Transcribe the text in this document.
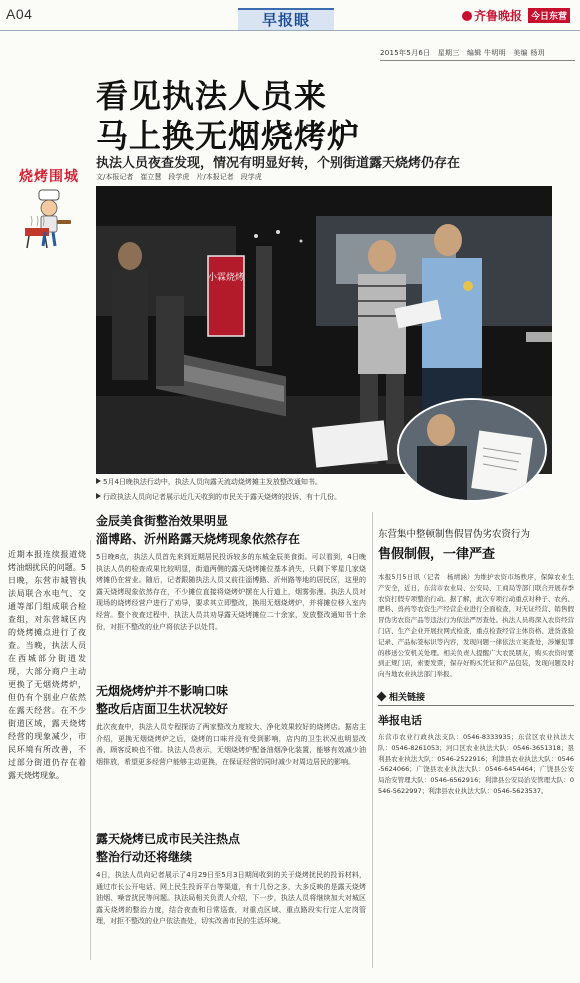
A04	早报眼	齐鲁晚报 今日东营
2015年5月6日　星期三　编辑 牛明明　美编 杨玥
看见执法人员来
马上换无烟烧烤炉
执法人员夜查发现，情况有明显好转，个别街道露天烧烤仍存在
文/本报记者　崔立慧　段学虎　片/本报记者　段学虎
烧烤围城
小霖烧烤
5月4日晚执法行动中，执法人员向露天流动烧烤摊主发放整改通知书。
行政执法人员向记者展示近几天收到的市民关于露天烧烤的投诉，有十几份。
近期本报连续报道烧烤油烟扰民的问题。5日晚，东营市城管执法局联合水电气、交通等部门组成联合检查组，对东营城区内的烧烤摊点进行了夜查。当晚，执法人员在西城部分街道发现，大部分商户主动更换了无烟烧烤炉，但仍有个别业户依然在露天经营。在不少街道区域，露天烧烤经营的现象减少，市民环境有所改善，不过部分街道仍存在着露天烧烤现象。
金辰美食街整治效果明显
淄博路、沂州路露天烧烤现象依然存在

5日晚8点，执法人员首先来到近期居民投诉较多的东城金辰美食街。可以看到，4日晚执法人员的检查成果比较明显，街道两侧的露天烧烤摊位基本消失，只剩下零星几家烧烤摊仍在营业。随后，记者跟随执法人员又前往淄博路、沂州路等地的居民区，这里的露天烧烤现象依然存在，不少摊位直接将烧烤炉摆在人行道上，烟雾弥漫。执法人员对现场的烧烤经营户进行了劝导，要求其立即整改，换用无烟烧烤炉，并将摊位移入室内经营。整个夜查过程中，执法人员共劝导露天烧烤摊位二十余家，发放整改通知书十余份，对拒不整改的业户将依法予以处罚。

无烟烧烤炉并不影响口味
整改后店面卫生状况较好

此次夜查中，执法人员专程探访了两家整改力度较大、净化效果较好的烧烤店。据店主介绍，更换无烟烧烤炉之后，烧烤的口味并没有受到影响，店内的卫生状况也明显改善，顾客反映也不错。执法人员表示，无烟烧烤炉配备油烟净化装置，能够有效减少油烟排放，希望更多经营户能够主动更换，在保证经营的同时减少对周边居民的影响。

露天烧烤已成市民关注热点
整治行动还将继续

4日，执法人员向记者展示了4月29日至5月3日期间收到的关于烧烤扰民的投诉材料，通过市长公开电话、网上民生投诉平台等渠道，有十几份之多，大多反映的是露天烧烤油烟、噪音扰民等问题。执法局相关负责人介绍，下一步，执法人员将继续加大对城区露天烧烤的整治力度，结合夜查和日常巡查，对重点区域、重点路段实行定人定岗管理，对拒不整改的业户依法查处，切实改善市民的生活环境。

东营集中整顿制售假冒伪劣农资行为
售假制假，一律严查

本报5月5日讯（记者　杨靖涵）为维护农资市场秩序，保障农业生产安全，近日，东营市农业局、公安局、工商局等部门联合开展春季农资打假专项整治行动。据了解，此次专项行动重点对种子、农药、肥料、兽药等农资生产经营企业进行全面检查，对无证经营、销售假冒伪劣农资产品等违法行为依法严厉查处。执法人员将深入农资经营门店、生产企业开展拉网式检查，重点检查经营主体资格、进货查验记录、产品标签标识等内容，发现问题一律依法立案查处，涉嫌犯罪的移送公安机关处理。相关负责人提醒广大农民朋友，购买农资时要到正规门店，索要发票，保存好购买凭证和产品包装，发现问题及时向当地农业执法部门举报。

相关链接
举报电话

东营市农业行政执法支队：0546-8333935；东营区农业执法大队：0546-8261053；河口区农业执法大队：0546-3651318；垦利县农业执法大队：0546-2522916；利津县农业执法大队：0546-5624066；广饶县农业执法大队：0546-6454464；广饶县公安局治安管理大队：0546-6562916；利津县公安局治安管理大队：0546-5622997；利津县农业执法大队：0546-5623537。
